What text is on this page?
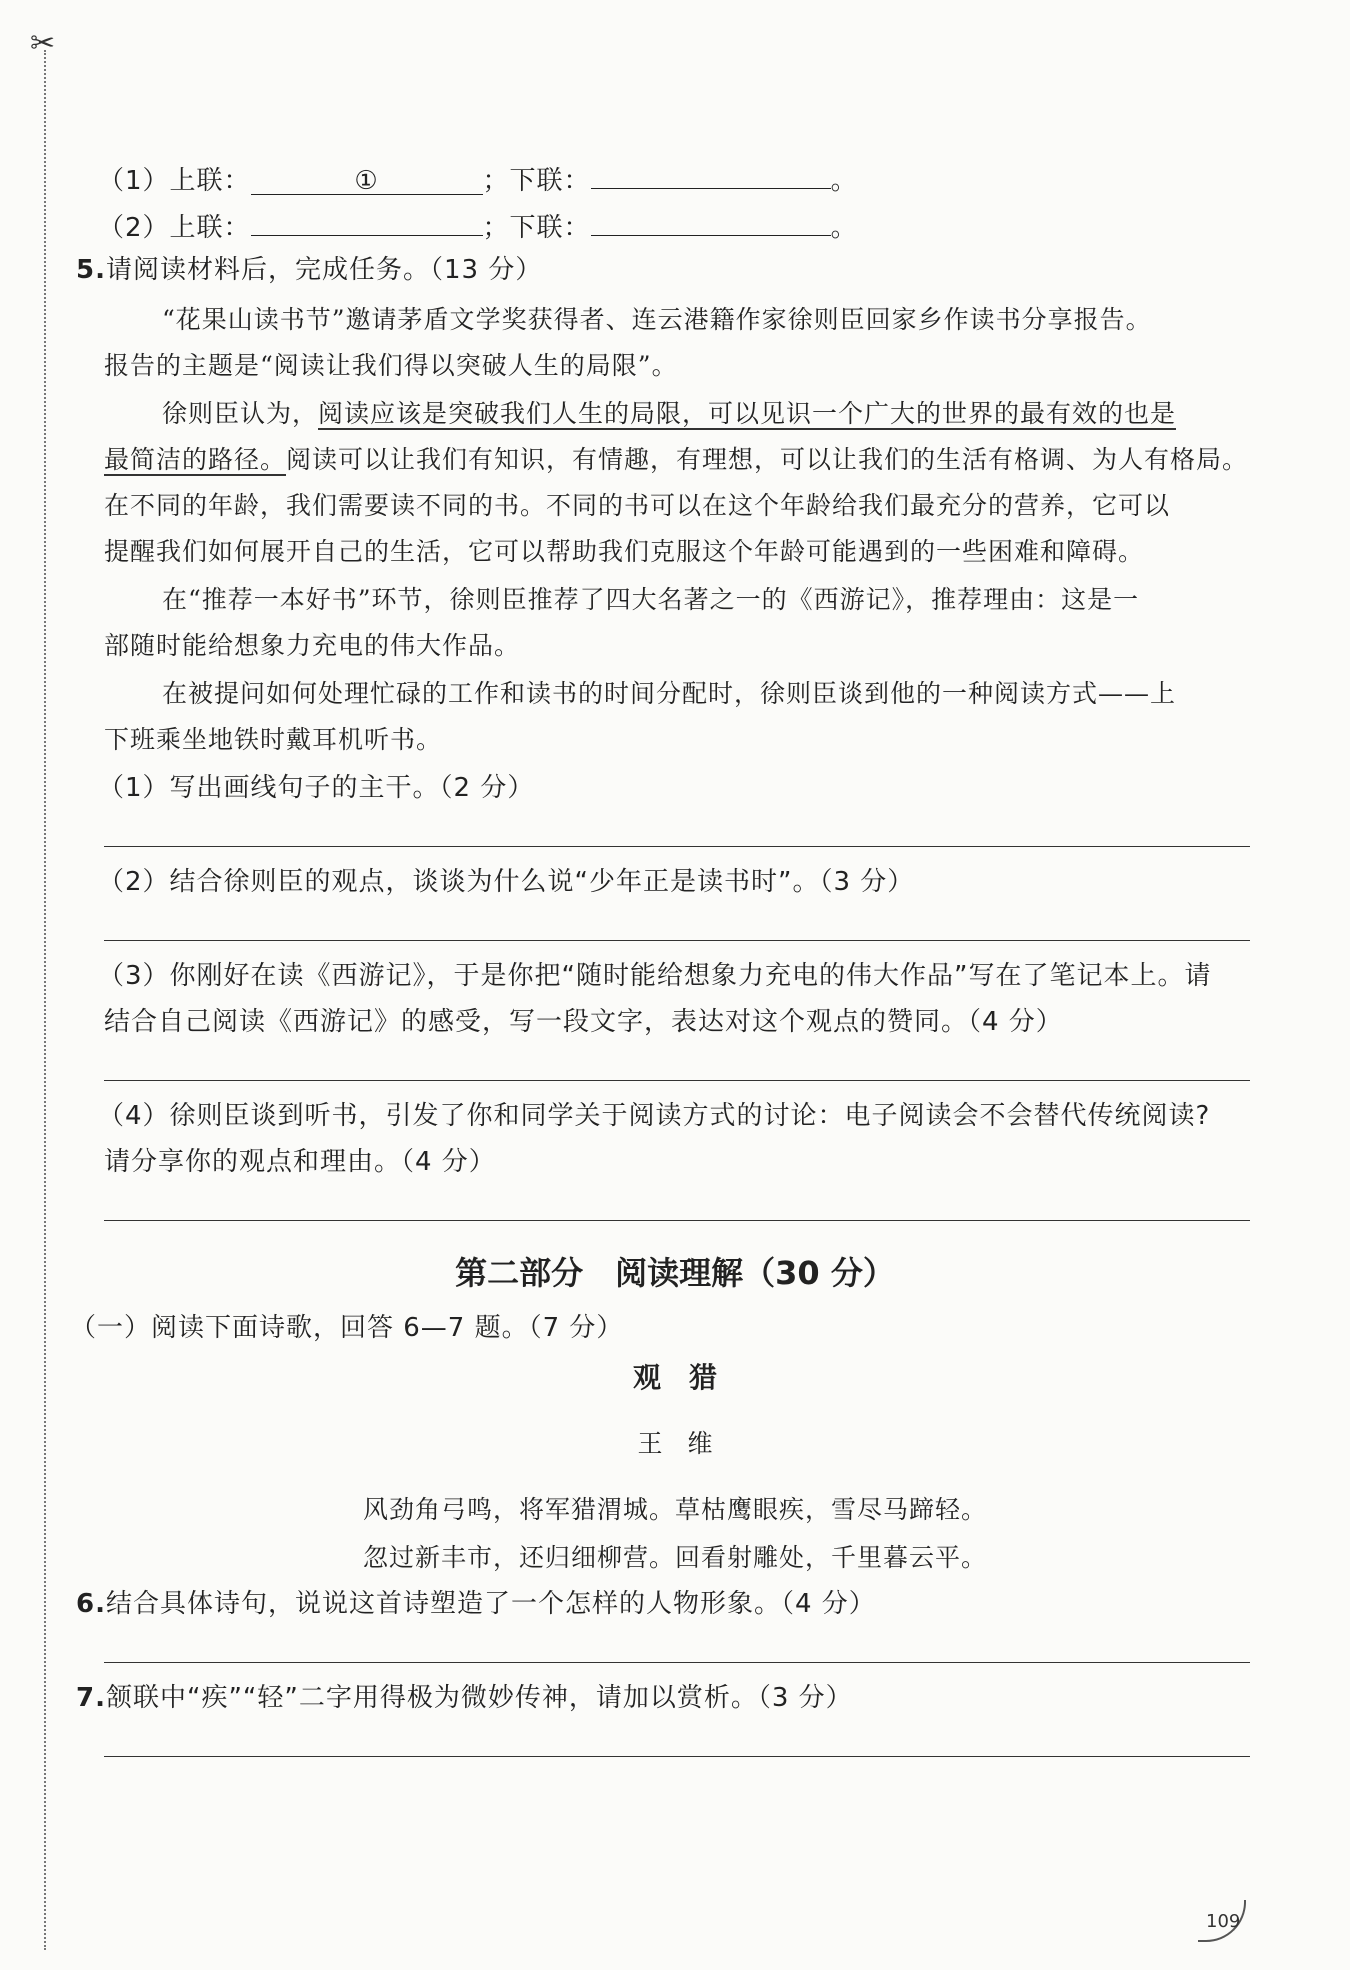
✂
（1）上联：	①	；下联：	。
（2）上联：	；下联：	。
5.请阅读材料后，完成任务。（13 分）
“花果山读书节”邀请茅盾文学奖获得者、连云港籍作家徐则臣回家乡作读书分享报告。
报告的主题是“阅读让我们得以突破人生的局限”。
徐则臣认为，阅读应该是突破我们人生的局限，可以见识一个广大的世界的最有效的也是
最简洁的路径。阅读可以让我们有知识，有情趣，有理想，可以让我们的生活有格调、为人有格局。
在不同的年龄，我们需要读不同的书。不同的书可以在这个年龄给我们最充分的营养，它可以
提醒我们如何展开自己的生活，它可以帮助我们克服这个年龄可能遇到的一些困难和障碍。
在“推荐一本好书”环节，徐则臣推荐了四大名著之一的《西游记》，推荐理由：这是一
部随时能给想象力充电的伟大作品。
在被提问如何处理忙碌的工作和读书的时间分配时，徐则臣谈到他的一种阅读方式——上
下班乘坐地铁时戴耳机听书。
（1）写出画线句子的主干。（2 分）
（2）结合徐则臣的观点，谈谈为什么说“少年正是读书时”。（3 分）
（3）你刚好在读《西游记》，于是你把“随时能给想象力充电的伟大作品”写在了笔记本上。请
结合自己阅读《西游记》的感受，写一段文字，表达对这个观点的赞同。（4 分）
（4）徐则臣谈到听书，引发了你和同学关于阅读方式的讨论：电子阅读会不会替代传统阅读?
请分享你的观点和理由。（4 分）
第二部分　阅读理解（30 分）
（一）阅读下面诗歌，回答 6—7 题。（7 分）
观　猎
王　维
风劲角弓鸣，将军猎渭城。草枯鹰眼疾，雪尽马蹄轻。
忽过新丰市，还归细柳营。回看射雕处，千里暮云平。
6.结合具体诗句，说说这首诗塑造了一个怎样的人物形象。（4 分）
7.颔联中“疾”“轻”二字用得极为微妙传神，请加以赏析。（3 分）
109
